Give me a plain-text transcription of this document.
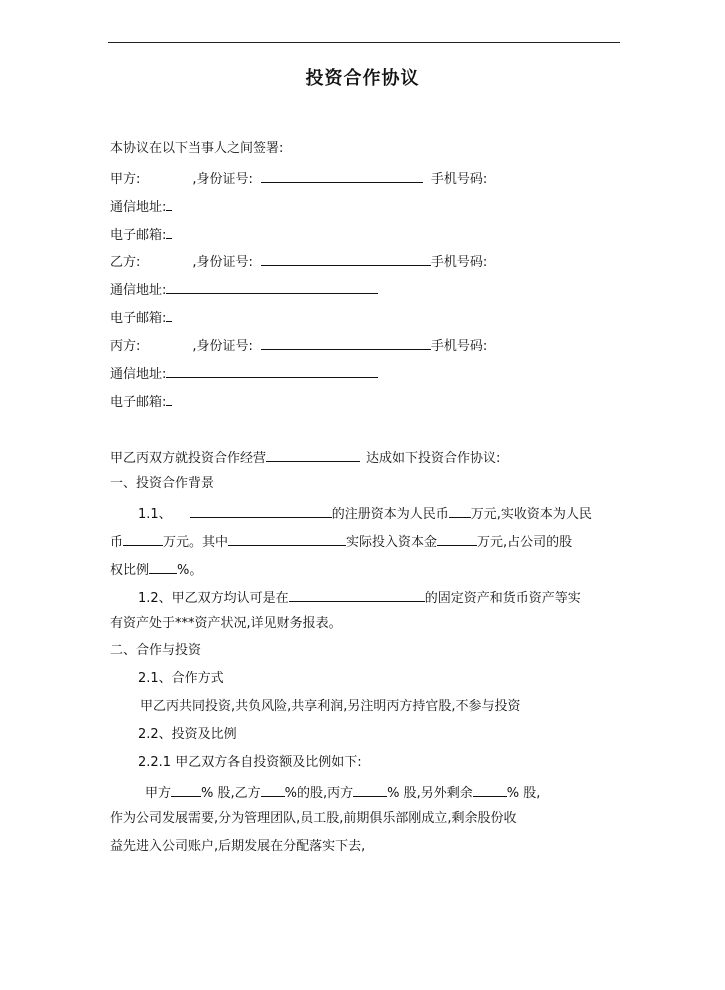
投资合作协议
本协议在以下当事人之间签署:
甲方:	,身份证号:	手机号码:
通信地址:
电子邮箱:
乙方:	,身份证号:	手机号码:
通信地址:
电子邮箱:
丙方:	,身份证号:	手机号码:
通信地址:
电子邮箱:
甲乙丙双方就投资合作经营	达成如下投资合作协议:
一、投资合作背景
1.1、	的注册资本为人民币 万元,实收资本为人民
币	万元。其中	实际投入资本金	万元,占公司的股
权比例 %。
1.2、甲乙双方均认可是在	的固定资产和货币资产等实
有资产处于***资产状况,详见财务报表。
二、合作与投资
2.1、合作方式
甲乙丙共同投资,共负风险,共享利润,另注明丙方持官股,不参与投资
2.2、投资及比例
2.2.1 甲乙双方各自投资额及比例如下:
甲方 % 股,乙方 %的股,丙方	% 股,另外剩余	% 股,
作为公司发展需要,分为管理团队,员工股,前期俱乐部刚成立,剩余股份收
益先进入公司账户,后期发展在分配落实下去,
